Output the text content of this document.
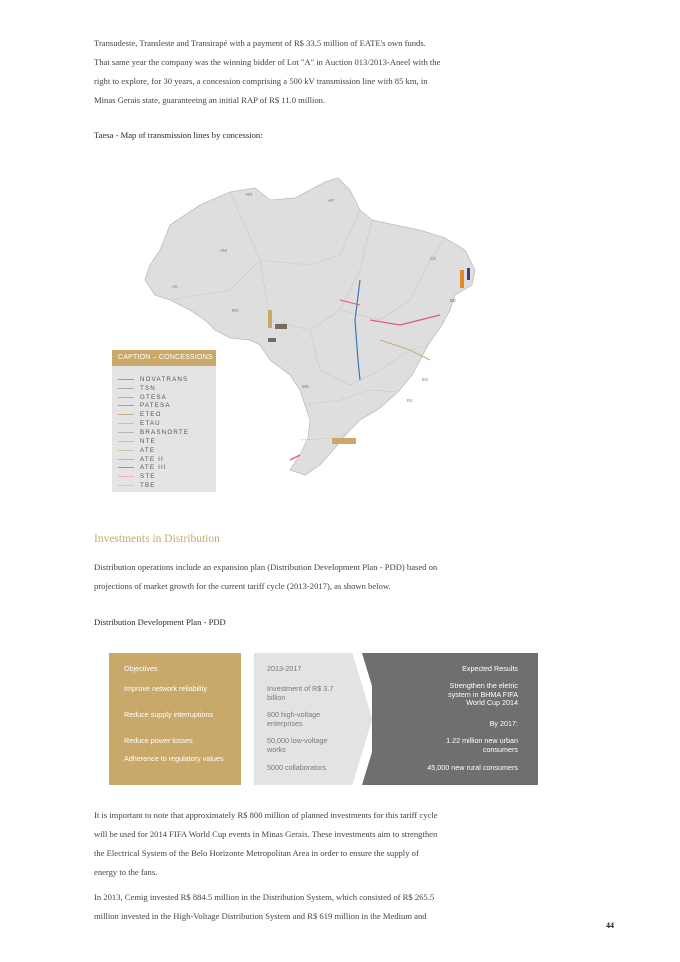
Transudeste, Transleste and Transirapé with a payment of R$ 33.5 million of EATE's own funds.
That same year the company was the winning bidder of Lot "A" in Auction 013/2013-Aneel with the
right to explore, for 30 years, a concession comprising a 500 kV transmission line with 85 km, in
Minas Gerais state, guaranteeing an initial RAP of R$ 11.0 million.
Taesa - Map of transmission lines by concession:
RR
AP
AM
CE
AC
RO
BE
MS
ES
RJ
CAPTION – CONCESSIONS
NOVATRANS
TSN
GTESA
PATESA
ETEO
ETAU
BRASNORTE
NTE
ATE
ATE II
ATE III
STE
TBE
Investments in Distribution
Distribution operations include an expansion plan (Distribution Development Plan - PDD) based on
projections of market growth for the current tariff cycle (2013-2017), as shown below.
Distribution Development Plan - PDD
Objectives
Improve network reliability
Reduce supply interruptions
Reduce power losses
Adherence to regulatory values
2013-2017
Investment of R$ 3.7 billion
800 high-voltage enterprises
50,000 low-voltage works
5000 collaborators
Expected Results
Strengthen the eletric system in BHMA FIFA World Cup 2014
By 2017:
1.22 million new urban consumers
45,000 new rural consumers
It is important to note that approximately R$ 800 million of planned investments for this tariff cycle
will be used for 2014 FIFA World Cup events in Minas Gerais. These investments aim to strengthen
the Electrical System of the Belo Horizonte Metropolitan Area in order to ensure the supply of
energy to the fans.
In 2013, Cemig invested R$ 884.5 million in the Distribution System, which consisted of R$ 265.5
million invested in the High-Voltage Distribution System and R$ 619 million in the Medium and
44
